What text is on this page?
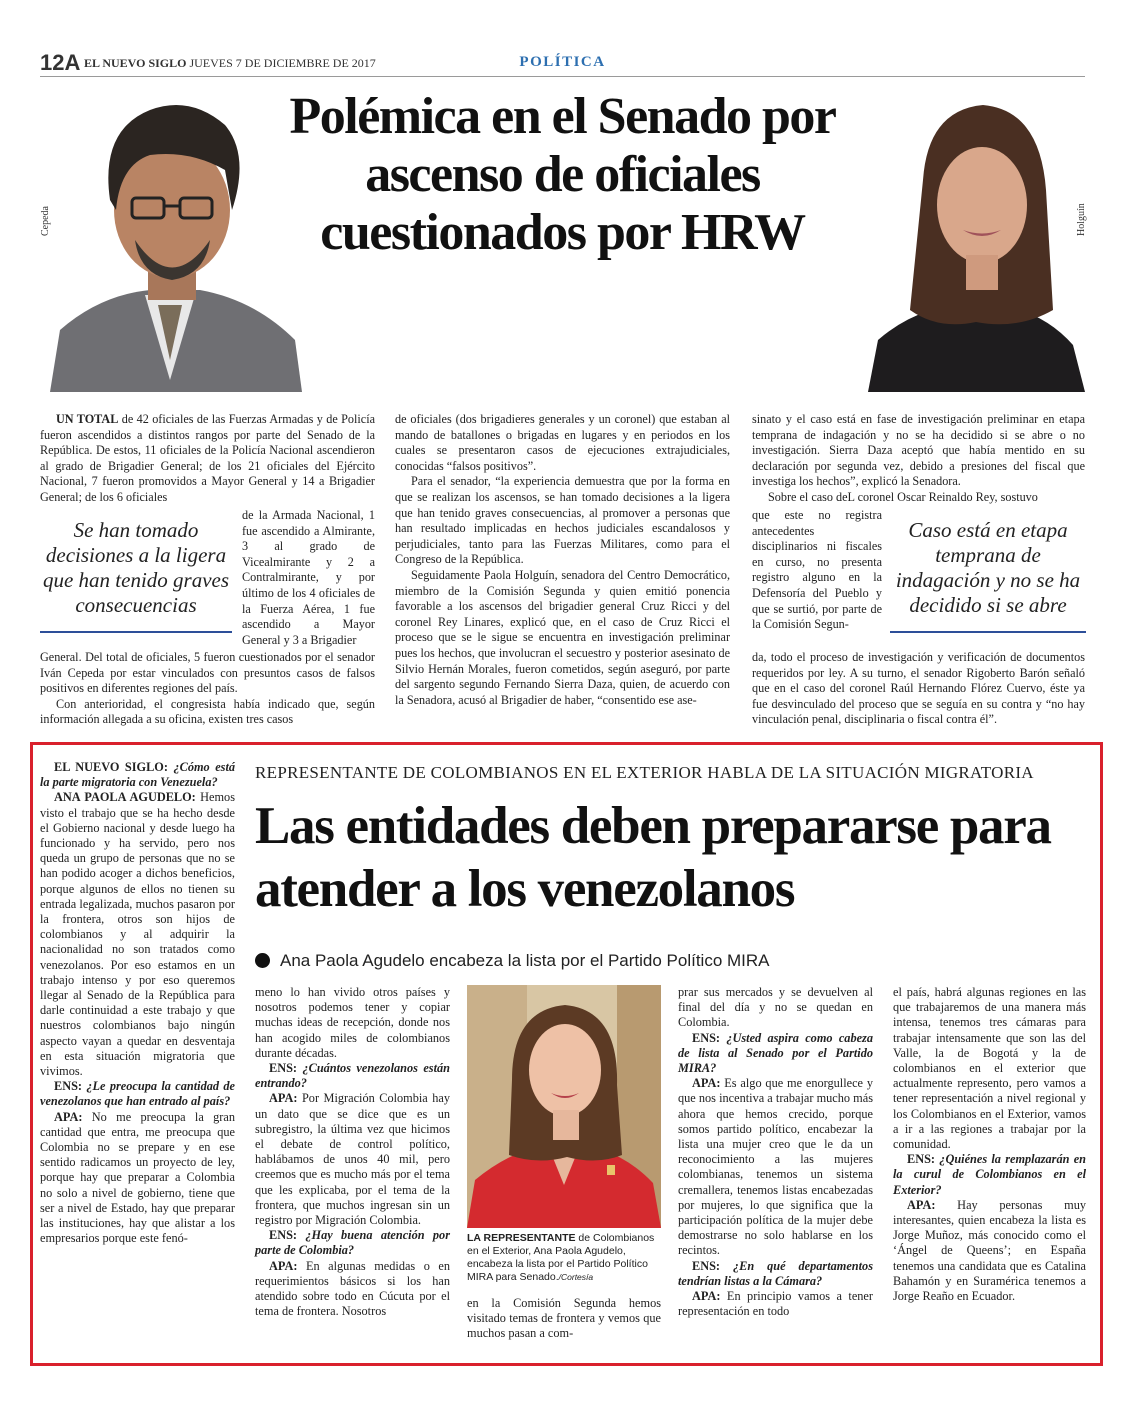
12A EL NUEVO SIGLO JUEVES 7 DE DICIEMBRE DE 2017	POLÍTICA
Cepeda	Holguín
Polémica en el Senado por ascenso de oficiales cuestionados por HRW

UN TOTAL de 42 oficiales de las Fuerzas Armadas y de Policía fueron ascendidos a distintos rangos por parte del Senado de la República. De estos, 11 oficiales de la Policía Nacional ascendieron al grado de Brigadier General; de los 21 oficiales del Ejército Nacional, 7 fueron promovidos a Mayor General y 14 a Brigadier General; de los 6 oficiales

de la Armada Nacional, 1 fue ascendido a Almirante, 3 al grado de Vicealmirante y 2 a Contralmirante, y por último de los 4 oficiales de la Fuerza Aérea, 1 fue ascendido a Mayor General y 3 a Brigadier

Se han tomado decisiones a la ligera que han tenido graves consecuencias

General. Del total de oficiales, 5 fueron cuestionados por el senador Iván Cepeda por estar vinculados con presuntos casos de falsos positivos en diferentes regiones del país.

Con anterioridad, el congresista había indicado que, según información allegada a su oficina, existen tres casos

de oficiales (dos brigadieres generales y un coronel) que estaban al mando de batallones o brigadas en lugares y en periodos en los cuales se presentaron casos de ejecuciones extrajudiciales, conocidas “falsos positivos”.

Para el senador, “la experiencia demuestra que por la forma en que se realizan los ascensos, se han tomado decisiones a la ligera que han tenido graves consecuencias, al promover a personas que han resultado implicadas en hechos judiciales escandalosos y perjudiciales, tanto para las Fuerzas Militares, como para el Congreso de la República.

Seguidamente Paola Holguín, senadora del Centro Democrático, miembro de la Comisión Segunda y quien emitió ponencia favorable a los ascensos del brigadier general Cruz Ricci y del coronel Rey Linares, explicó que, en el caso de Cruz Ricci el proceso que se le sigue se encuentra en investigación preliminar pues los hechos, que involucran el secuestro y posterior asesinato de Silvio Hernán Morales, fueron cometidos, según aseguró, por parte del sargento segundo Fernando Sierra Daza, quien, de acuerdo con la Senadora, acusó al Brigadier de haber, “consentido ese ase-

sinato y el caso está en fase de investigación preliminar en etapa temprana de indagación y no se ha decidido si se abre o no investigación. Sierra Daza aceptó que había mentido en su declaración por segunda vez, debido a presiones del fiscal que investiga los hechos”, explicó la Senadora.

Sobre el caso deL coronel Oscar Reinaldo Rey, sostuvo

que este no registra antecedentes disciplinarios ni fiscales en curso, no presenta registro alguno en la Defensoría del Pueblo y que se surtió, por parte de la Comisión Segun-

Caso está en etapa temprana de indagación y no se ha decidido si se abre

da, todo el proceso de investigación y verificación de documentos requeridos por ley. A su turno, el senador Rigoberto Barón señaló que en el caso del coronel Raúl Hernando Flórez Cuervo, éste ya fue desvinculado del proceso que se seguía en su contra y “no hay vinculación penal, disciplinaria o fiscal contra él”.

REPRESENTANTE DE COLOMBIANOS EN EL EXTERIOR HABLA DE LA SITUACIÓN MIGRATORIA
Las entidades deben prepararse para atender a los venezolanos
Ana Paola Agudelo encabeza la lista por el Partido Político MIRA

EL NUEVO SIGLO: ¿Cómo está la parte migratoria con Venezuela?

ANA PAOLA AGUDELO: Hemos visto el trabajo que se ha hecho desde el Gobierno nacional y desde luego ha funcionado y ha servido, pero nos queda un grupo de personas que no se han podido acoger a dichos beneficios, porque algunos de ellos no tienen su entrada legalizada, muchos pasaron por la frontera, otros son hijos de colombianos y al adquirir la nacionalidad no son tratados como venezolanos. Por eso estamos en un trabajo intenso y por eso queremos llegar al Senado de la República para darle continuidad a este trabajo y que nuestros colombianos bajo ningún aspecto vayan a quedar en desventaja en esta situación migratoria que vivimos.

ENS: ¿Le preocupa la cantidad de venezolanos que han entrado al país?

APA: No me preocupa la gran cantidad que entra, me preocupa que Colombia no se prepare y en ese sentido radicamos un proyecto de ley, porque hay que preparar a Colombia no solo a nivel de gobierno, tiene que ser a nivel de Estado, hay que preparar las instituciones, hay que alistar a los empresarios porque este fenó-

meno lo han vivido otros países y nosotros podemos tener y copiar muchas ideas de recepción, donde nos han acogido miles de colombianos durante décadas.

ENS: ¿Cuántos venezolanos están entrando?

APA: Por Migración Colombia hay un dato que se dice que es un subregistro, la última vez que hicimos el debate de control político, hablábamos de unos 40 mil, pero creemos que es mucho más por el tema que les explicaba, por el tema de la frontera, que muchos ingresan sin un registro por Migración Colombia.

ENS: ¿Hay buena atención por parte de Colombia?

APA: En algunas medidas o en requerimientos básicos si los han atendido sobre todo en Cúcuta por el tema de frontera. Nosotros

LA REPRESENTANTE de Colombianos en el Exterior, Ana Paola Agudelo, encabeza la lista por el Partido Político MIRA para Senado./Cortesía

en la Comisión Segunda hemos visitado temas de frontera y vemos que muchos pasan a com-

prar sus mercados y se devuelven al final del día y no se quedan en Colombia.

ENS: ¿Usted aspira como cabeza de lista al Senado por el Partido MIRA?

APA: Es algo que me enorgullece y que nos incentiva a trabajar mucho más ahora que hemos crecido, porque somos partido político, encabezar la lista una mujer creo que le da un reconocimiento a las mujeres colombianas, tenemos un sistema cremallera, tenemos listas encabezadas por mujeres, lo que significa que la participación política de la mujer debe demostrarse no solo hablarse en los recintos.

ENS: ¿En qué departamentos tendrían listas a la Cámara?

APA: En principio vamos a tener representación en todo

el país, habrá algunas regiones en las que trabajaremos de una manera más intensa, tenemos tres cámaras para trabajar intensamente que son las del Valle, la de Bogotá y la de colombianos en el exterior que actualmente represento, pero vamos a tener representación a nivel regional y los Colombianos en el Exterior, vamos a ir a las regiones a trabajar por la comunidad.

ENS: ¿Quiénes la remplazarán en la curul de Colombianos en el Exterior?

APA: Hay personas muy interesantes, quien encabeza la lista es Jorge Muñoz, más conocido como el ‘Ángel de Queens’; en España tenemos una candidata que es Catalina Bahamón y en Suramérica tenemos a Jorge Reaño en Ecuador.
